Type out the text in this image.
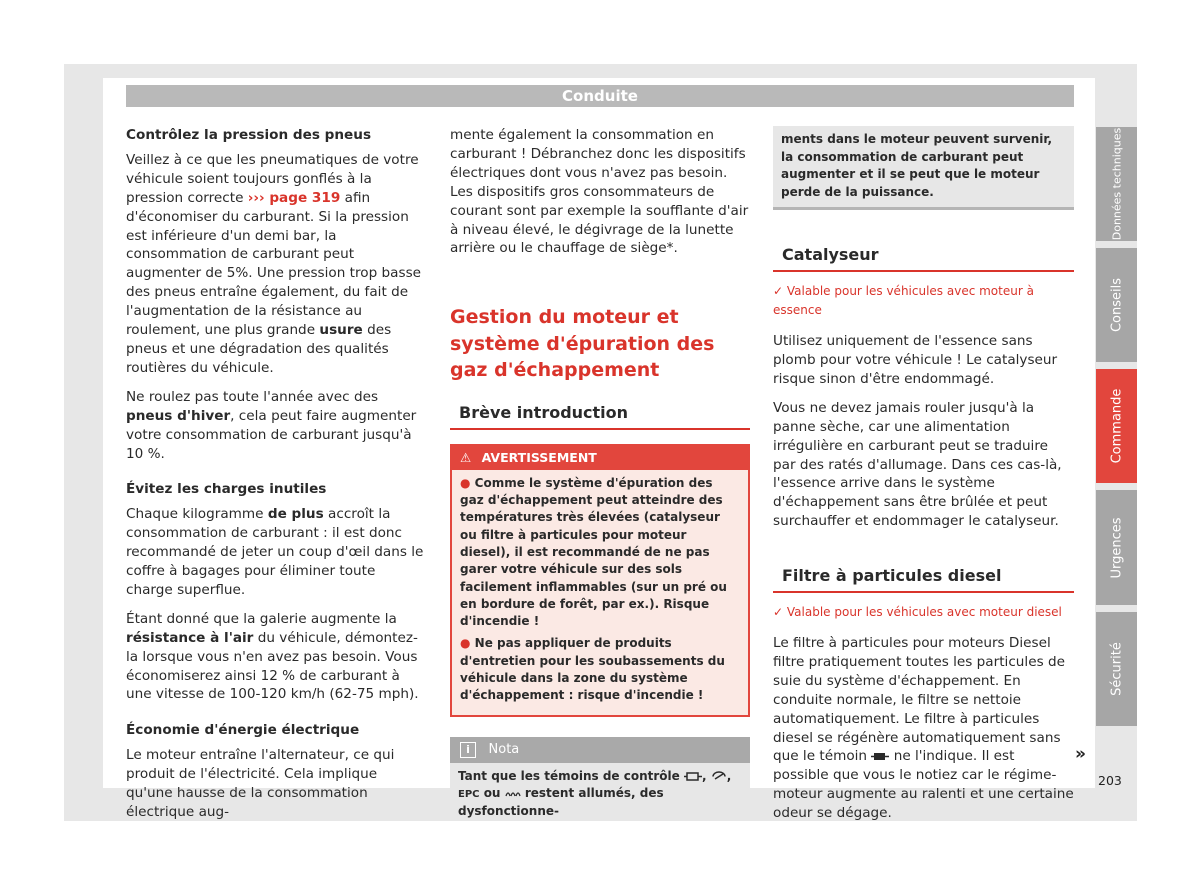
Conduite
Contrôlez la pression des pneus

Veillez à ce que les pneumatiques de votre véhicule soient toujours gonflés à la pression correcte ››› page 319 afin d'économiser du carburant. Si la pression est inférieure d'un demi bar, la consommation de carburant peut augmenter de 5%. Une pression trop basse des pneus entraîne également, du fait de l'augmentation de la résistance au roulement, une plus grande usure des pneus et une dégradation des qualités routières du véhicule.

Ne roulez pas toute l'année avec des pneus d'hiver, cela peut faire augmenter votre consommation de carburant jusqu'à 10 %.

Évitez les charges inutiles

Chaque kilogramme de plus accroît la consommation de carburant : il est donc recommandé de jeter un coup d'œil dans le coffre à bagages pour éliminer toute charge superflue.

Étant donné que la galerie augmente la résistance à l'air du véhicule, démontez-la lorsque vous n'en avez pas besoin. Vous économiserez ainsi 12 % de carburant à une vitesse de 100-120 km/h (62-75 mph).

Économie d'énergie électrique

Le moteur entraîne l'alternateur, ce qui produit de l'électricité. Cela implique qu'une hausse de la consommation électrique aug-

mente également la consommation en carburant ! Débranchez donc les dispositifs électriques dont vous n'avez pas besoin. Les dispositifs gros consommateurs de courant sont par exemple la soufflante d'air à niveau élevé, le dégivrage de la lunette arrière ou le chauffage de siège*.

Gestion du moteur et système d'épuration des gaz d'échappement
Brève introduction
⚠ AVERTISSEMENT

● Comme le système d'épuration des gaz d'échappement peut atteindre des températures très élevées (catalyseur ou filtre à particules pour moteur diesel), il est recommandé de ne pas garer votre véhicule sur des sols facilement inflammables (sur un pré ou en bordure de forêt, par ex.). Risque d'incendie !

● Ne pas appliquer de produits d'entretien pour les soubassements du véhicule dans la zone du système d'échappement : risque d'incendie !

i Nota
Tant que les témoins de contrôle , , EPC ou restent allumés, des dysfonctionne-
ments dans le moteur peuvent survenir, la consommation de carburant peut augmenter et il se peut que le moteur perde de la puissance.
Catalyseur
✓ Valable pour les véhicules avec moteur à essence

Utilisez uniquement de l'essence sans plomb pour votre véhicule ! Le catalyseur risque sinon d'être endommagé.

Vous ne devez jamais rouler jusqu'à la panne sèche, car une alimentation irrégulière en carburant peut se traduire par des ratés d'allumage. Dans ces cas-là, l'essence arrive dans le système d'échappement sans être brûlée et peut surchauffer et endommager le catalyseur.

Filtre à particules diesel
✓ Valable pour les véhicules avec moteur diesel

Le filtre à particules pour moteurs Diesel filtre pratiquement toutes les particules de suie du système d'échappement. En conduite normale, le filtre se nettoie automatiquement. Le filtre à particules diesel se régénère automatiquement sans que le témoin ne l'indique. Il est possible que vous le notiez car le régime-moteur augmente au ralenti et une certaine odeur se dégage.

Données techniques
Conseils
Commande
Urgences
Sécurité
»
203
